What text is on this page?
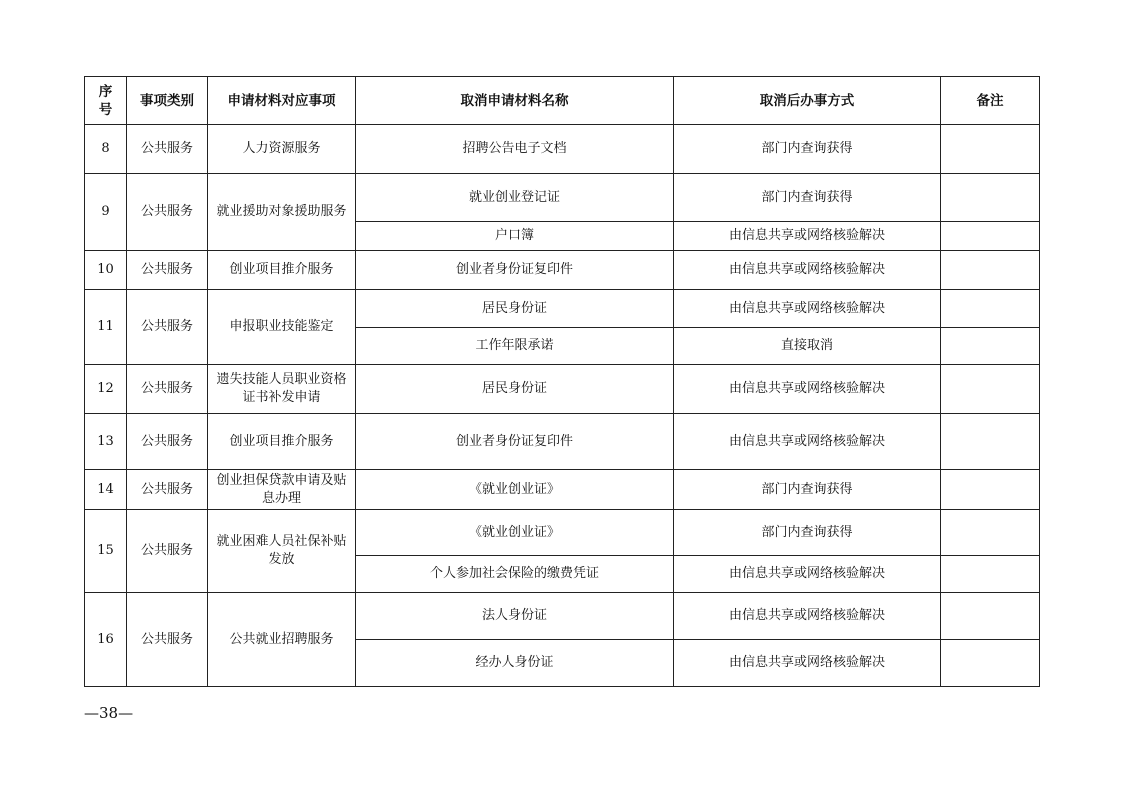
序号	事项类别	申请材料对应事项	取消申请材料名称	取消后办事方式	备注
8	公共服务	人力资源服务	招聘公告电子文档	部门内查询获得	
9	公共服务	就业援助对象援助服务	就业创业登记证	部门内查询获得	
			户口簿	由信息共享或网络核验解决	
10	公共服务	创业项目推介服务	创业者身份证复印件	由信息共享或网络核验解决	
11	公共服务	申报职业技能鉴定	居民身份证	由信息共享或网络核验解决	
			工作年限承诺	直接取消	
12	公共服务	遗失技能人员职业资格证书补发申请	居民身份证	由信息共享或网络核验解决	
13	公共服务	创业项目推介服务	创业者身份证复印件	由信息共享或网络核验解决	
14	公共服务	创业担保贷款申请及贴息办理	《就业创业证》	部门内查询获得	
15	公共服务	就业困难人员社保补贴发放	《就业创业证》	部门内查询获得	
			个人参加社会保险的缴费凭证	由信息共享或网络核验解决	
16	公共服务	公共就业招聘服务	法人身份证	由信息共享或网络核验解决	
			经办人身份证	由信息共享或网络核验解决	
—38—
